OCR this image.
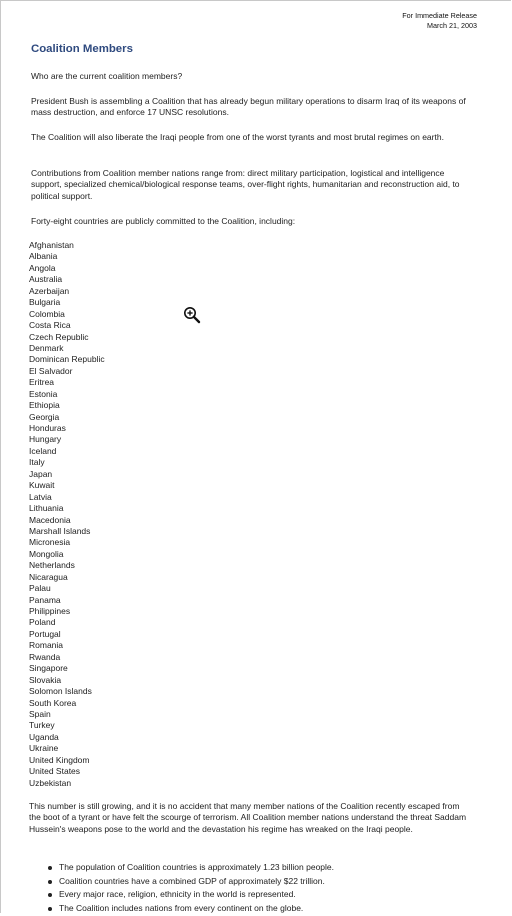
For Immediate Release
March 21, 2003
Coalition Members

Who are the current coalition members?

President Bush is assembling a Coalition that has already begun military operations to disarm Iraq of its weapons of mass destruction, and enforce 17 UNSC resolutions.

The Coalition will also liberate the Iraqi people from one of the worst tyrants and most brutal regimes on earth.

Contributions from Coalition member nations range from: direct military participation, logistical and intelligence support, specialized chemical/biological response teams, over-flight rights, humanitarian and reconstruction aid, to political support.

Forty-eight countries are publicly committed to the Coalition, including:

Afghanistan
Albania
Angola
Australia
Azerbaijan
Bulgaria
Colombia
Costa Rica
Czech Republic
Denmark
Dominican Republic
El Salvador
Eritrea
Estonia
Ethiopia
Georgia
Honduras
Hungary
Iceland
Italy
Japan
Kuwait
Latvia
Lithuania
Macedonia
Marshall Islands
Micronesia
Mongolia
Netherlands
Nicaragua
Palau
Panama
Philippines
Poland
Portugal
Romania
Rwanda
Singapore
Slovakia
Solomon Islands
South Korea
Spain
Turkey
Uganda
Ukraine
United Kingdom
United States
Uzbekistan

This number is still growing, and it is no accident that many member nations of the Coalition recently escaped from the boot of a tyrant or have felt the scourge of terrorism. All Coalition member nations understand the threat Saddam Hussein's weapons pose to the world and the devastation his regime has wreaked on the Iraqi people.

The population of Coalition countries is approximately 1.23 billion people.
Coalition countries have a combined GDP of approximately $22 trillion.
Every major race, religion, ethnicity in the world is represented.
The Coalition includes nations from every continent on the globe.
